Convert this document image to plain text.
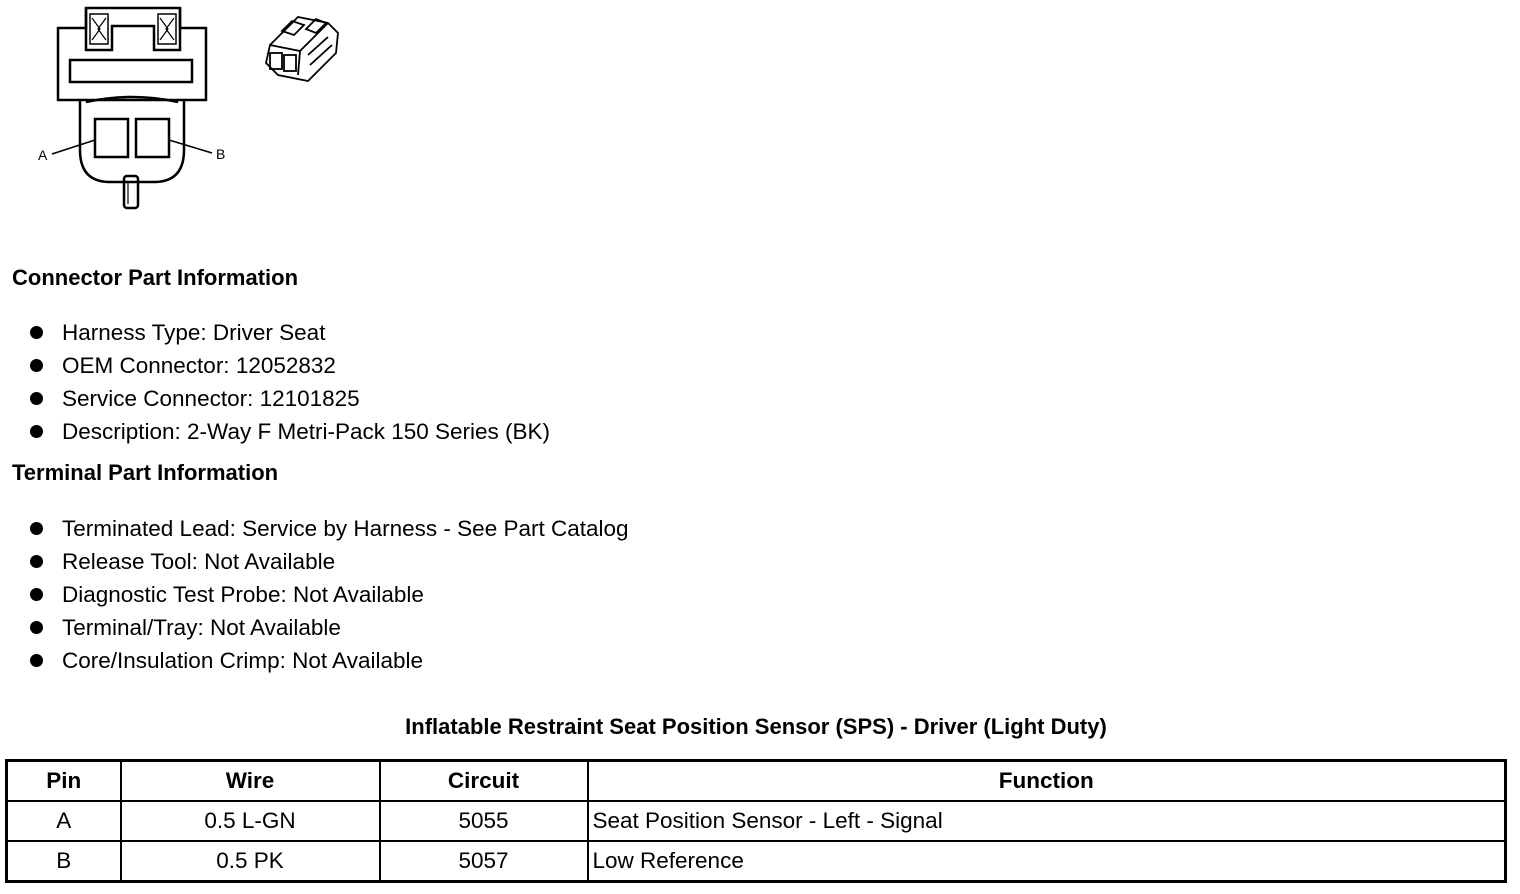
A	B
Connector Part Information
Harness Type: Driver Seat
OEM Connector: 12052832
Service Connector: 12101825
Description: 2-Way F Metri-Pack 150 Series (BK)
Terminal Part Information
Terminated Lead: Service by Harness - See Part Catalog
Release Tool: Not Available
Diagnostic Test Probe: Not Available
Terminal/Tray: Not Available
Core/Insulation Crimp: Not Available
Inflatable Restraint Seat Position Sensor (SPS) - Driver (Light Duty)
Pin	Wire	Circuit	Function
A	0.5 L-GN	5055	Seat Position Sensor - Left - Signal
B	0.5 PK	5057	Low Reference
